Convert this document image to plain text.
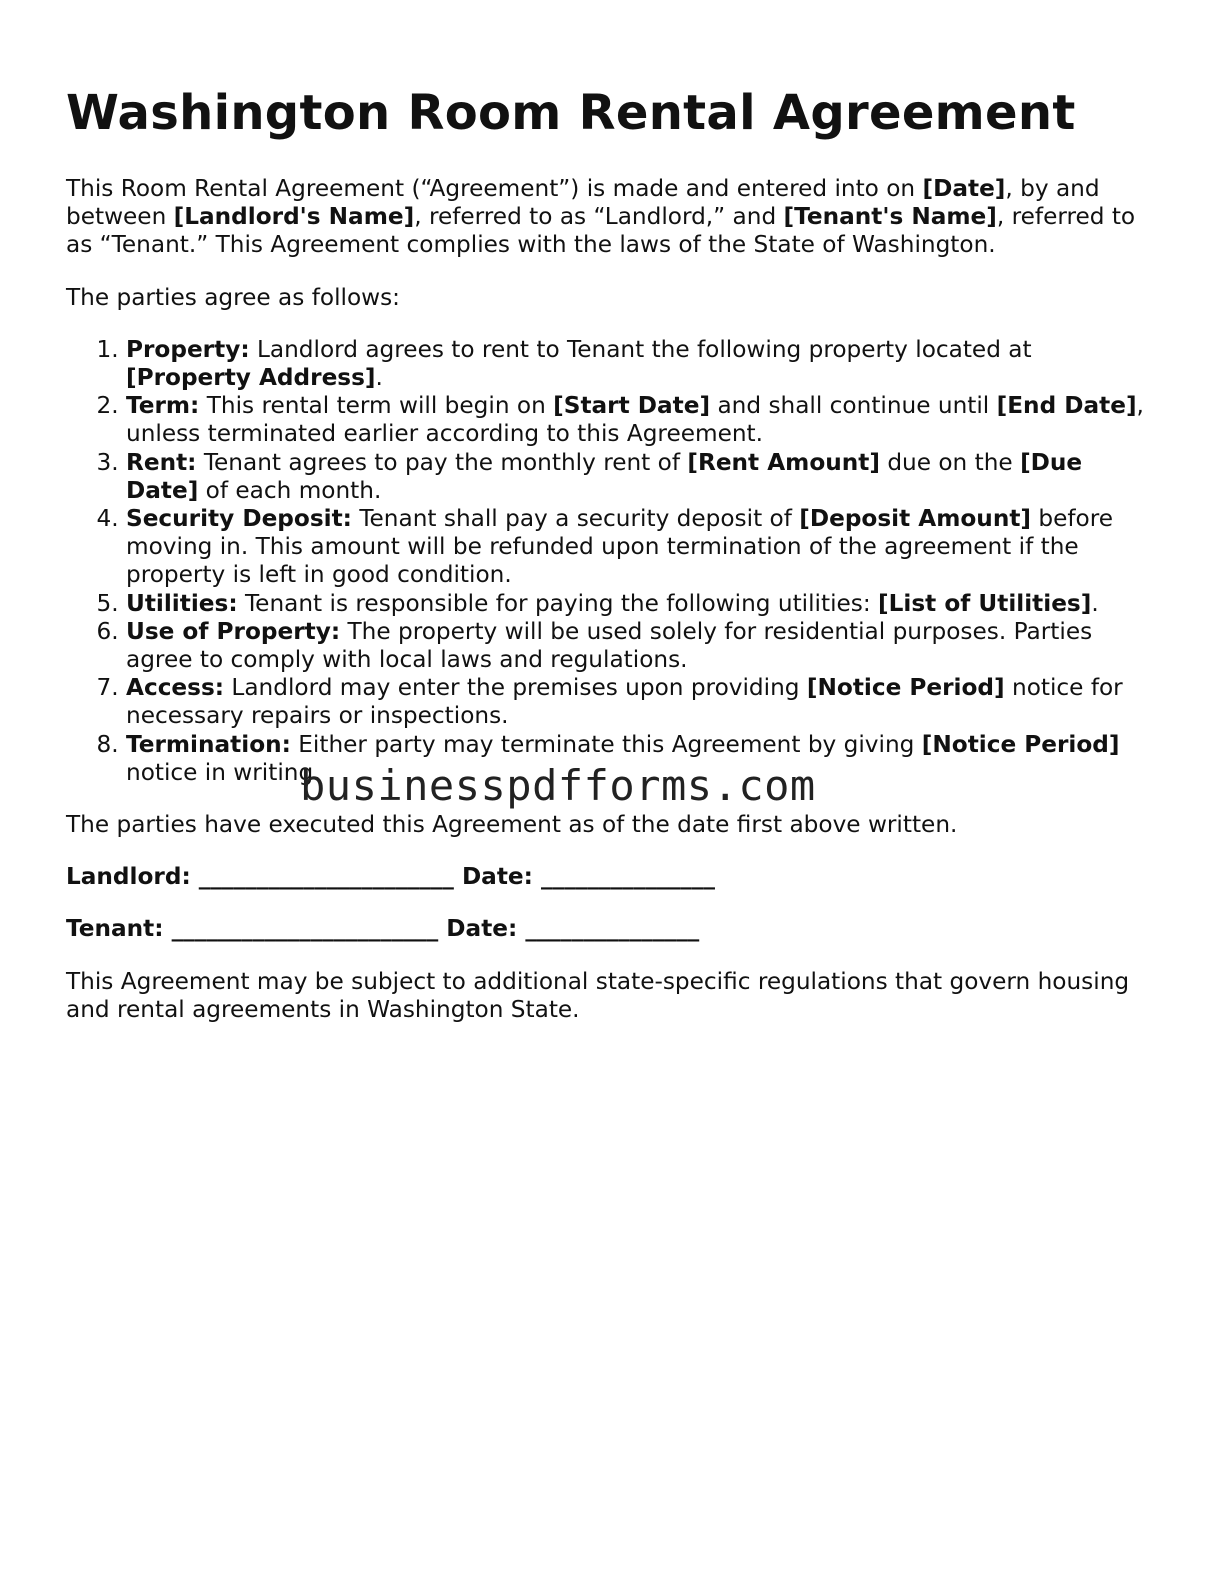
Washington Room Rental Agreement

This Room Rental Agreement (“Agreement”) is made and entered into on [Date], by and between [Landlord's Name], referred to as “Landlord,” and [Tenant's Name], referred to as “Tenant.” This Agreement complies with the laws of the State of Washington.

The parties agree as follows:

1. Property: Landlord agrees to rent to Tenant the following property located at [Property Address].
2. Term: This rental term will begin on [Start Date] and shall continue until [End Date], unless terminated earlier according to this Agreement.
3. Rent: Tenant agrees to pay the monthly rent of [Rent Amount] due on the [Due Date] of each month.
4. Security Deposit: Tenant shall pay a security deposit of [Deposit Amount] before moving in. This amount will be refunded upon termination of the agreement if the property is left in good condition.
5. Utilities: Tenant is responsible for paying the following utilities: [List of Utilities].
6. Use of Property: The property will be used solely for residential purposes. Parties agree to comply with local laws and regulations.
7. Access: Landlord may enter the premises upon providing [Notice Period] notice for necessary repairs or inspections.
8. Termination: Either party may terminate this Agreement by giving [Notice Period] notice in writing.

The parties have executed this Agreement as of the date first above written.

Landlord: ______________________ Date: _______________

Tenant: _______________________ Date: _______________

This Agreement may be subject to additional state-specific regulations that govern housing and rental agreements in Washington State.

businesspdfforms.com
